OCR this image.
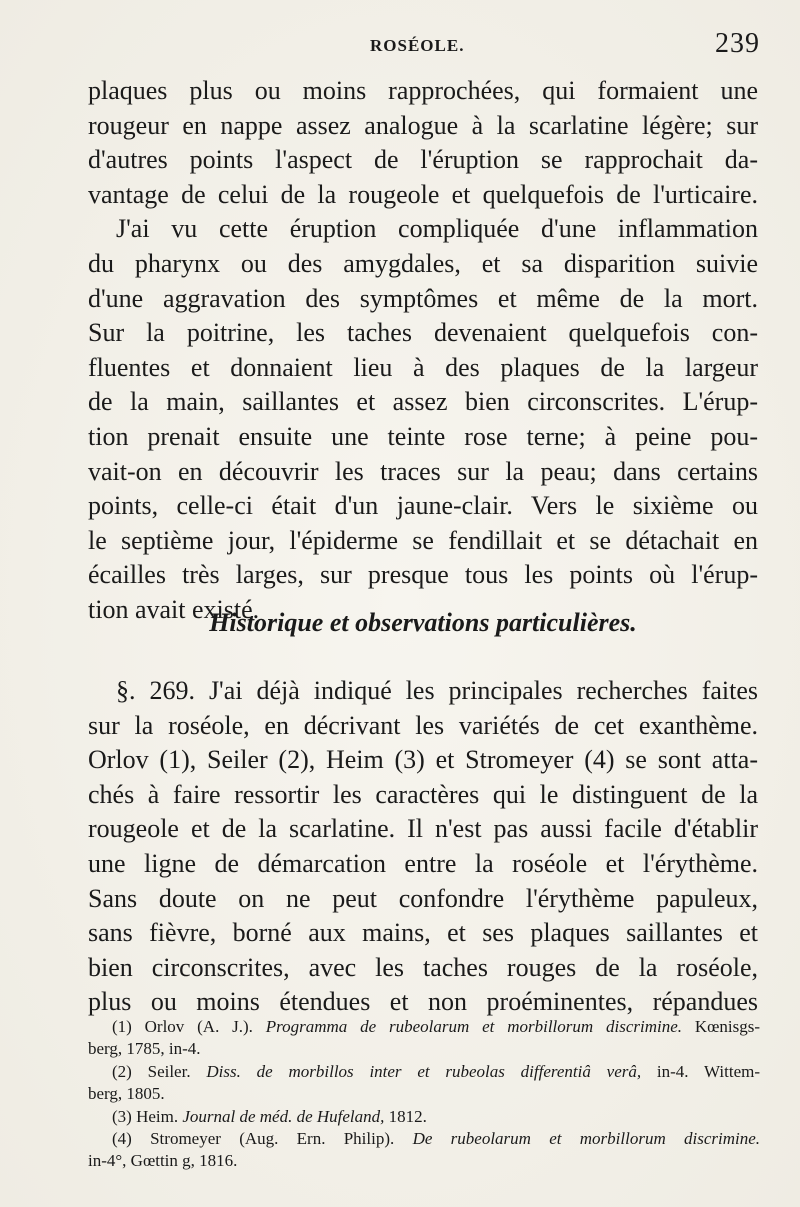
ROSÉOLE.	239
plaques plus ou moins rapprochées, qui formaient une
rougeur en nappe assez analogue à la scarlatine légère; sur
d'autres points l'aspect de l'éruption se rapprochait da-
vantage de celui de la rougeole et quelquefois de l'urticaire.
J'ai vu cette éruption compliquée d'une inflammation
du pharynx ou des amygdales, et sa disparition suivie
d'une aggravation des symptômes et même de la mort.
Sur la poitrine, les taches devenaient quelquefois con-
fluentes et donnaient lieu à des plaques de la largeur
de la main, saillantes et assez bien circonscrites. L'érup-
tion prenait ensuite une teinte rose terne; à peine pou-
vait-on en découvrir les traces sur la peau; dans certains
points, celle-ci était d'un jaune-clair. Vers le sixième ou
le septième jour, l'épiderme se fendillait et se détachait en
écailles très larges, sur presque tous les points où l'érup-
tion avait existé.
Historique et observations particulières.
§. 269. J'ai déjà indiqué les principales recherches faites
sur la roséole, en décrivant les variétés de cet exanthème.
Orlov (1), Seiler (2), Heim (3) et Stromeyer (4) se sont atta-
chés à faire ressortir les caractères qui le distinguent de la
rougeole et de la scarlatine. Il n'est pas aussi facile d'établir
une ligne de démarcation entre la roséole et l'érythème.
Sans doute on ne peut confondre l'érythème papuleux,
sans fièvre, borné aux mains, et ses plaques saillantes et
bien circonscrites, avec les taches rouges de la roséole,
plus ou moins étendues et non proéminentes, répandues
(1) Orlov (A. J.). Programma de rubeolarum et morbillorum discrimine. Kœnisgs-
berg, 1785, in-4.
(2) Seiler. Diss. de morbillos inter et rubeolas differentiâ verâ, in-4. Wittem-
berg, 1805.
(3) Heim. Journal de méd. de Hufeland, 1812.
(4) Stromeyer (Aug. Ern. Philip). De rubeolarum et morbillorum discrimine.
in-4°, Gœttin g, 1816.
